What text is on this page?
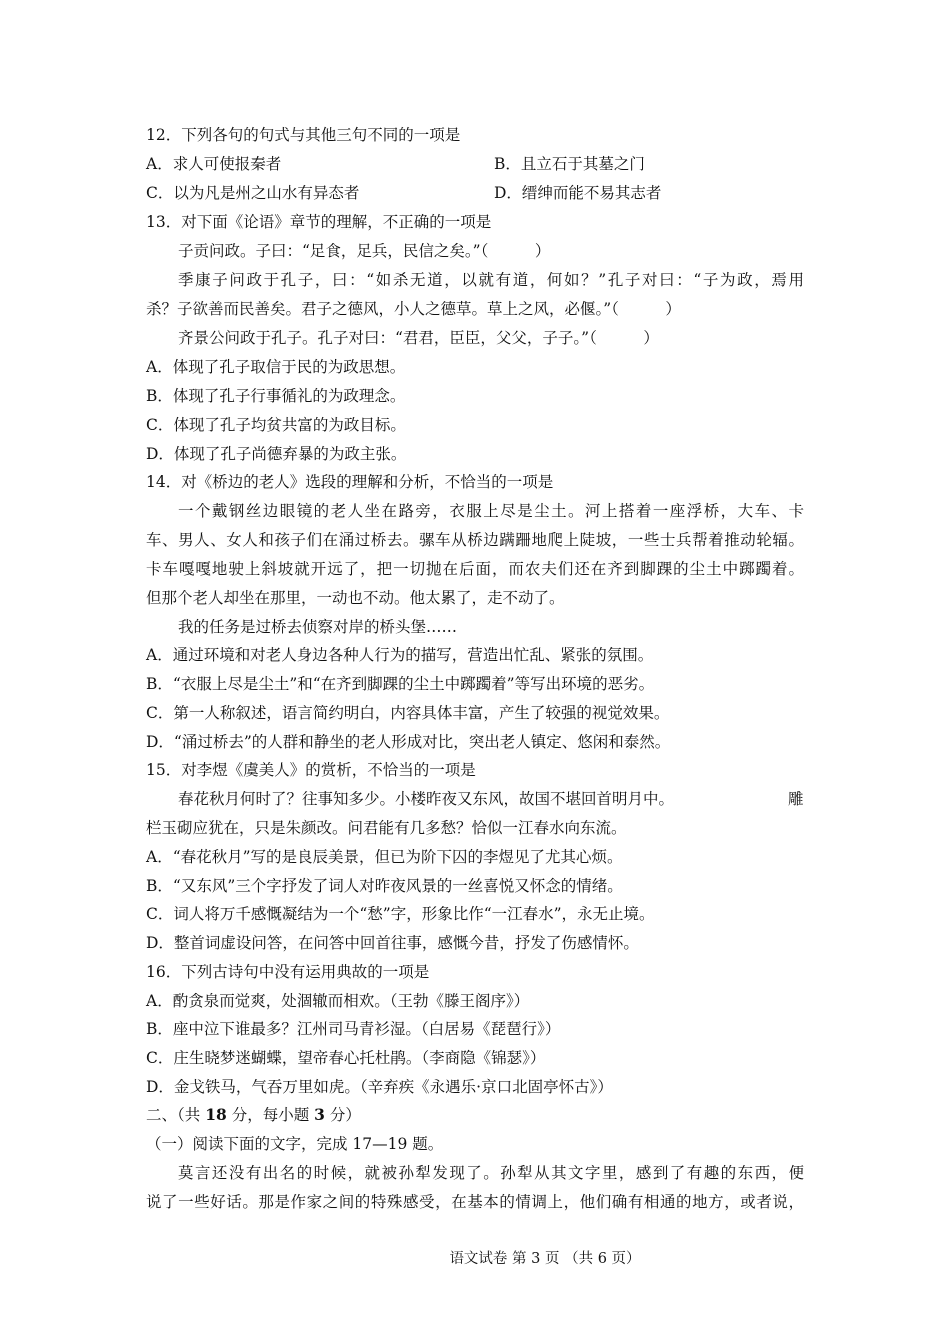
12．下列各句的句式与其他三句不同的一项是
A．求人可使报秦者	B．且立石于其墓之门
C．以为凡是州之山水有异态者	D．缙绅而能不易其志者
13．对下面《论语》章节的理解，不正确的一项是
子贡问政。子曰：“足食，足兵，民信之矣。”（　　　）
季康子问政于孔子，曰：“如杀无道，以就有道，何如？”孔子对曰：“子为政，焉用
杀？子欲善而民善矣。君子之德风，小人之德草。草上之风，必偃。”（　　　）
齐景公问政于孔子。孔子对曰：“君君，臣臣，父父，子子。”（　　　）
A．体现了孔子取信于民的为政思想。
B．体现了孔子行事循礼的为政理念。
C．体现了孔子均贫共富的为政目标。
D．体现了孔子尚德弃暴的为政主张。
14．对《桥边的老人》选段的理解和分析，不恰当的一项是
一个戴钢丝边眼镜的老人坐在路旁，衣服上尽是尘土。河上搭着一座浮桥，大车、卡
车、男人、女人和孩子们在涌过桥去。骡车从桥边蹒跚地爬上陡坡，一些士兵帮着推动轮辐。
卡车嘎嘎地驶上斜坡就开远了，把一切抛在后面，而农夫们还在齐到脚踝的尘土中踯躅着。
但那个老人却坐在那里，一动也不动。他太累了，走不动了。
我的任务是过桥去侦察对岸的桥头堡……
A．通过环境和对老人身边各种人行为的描写，营造出忙乱、紧张的氛围。
B．“衣服上尽是尘土”和“在齐到脚踝的尘土中踯躅着”等写出环境的恶劣。
C．第一人称叙述，语言简约明白，内容具体丰富，产生了较强的视觉效果。
D．“涌过桥去”的人群和静坐的老人形成对比，突出老人镇定、悠闲和泰然。
15．对李煜《虞美人》的赏析，不恰当的一项是
春花秋月何时了？往事知多少。小楼昨夜又东风，故国不堪回首明月中。	雕
栏玉砌应犹在，只是朱颜改。问君能有几多愁？恰似一江春水向东流。
A．“春花秋月”写的是良辰美景，但已为阶下囚的李煜见了尤其心烦。
B．“又东风”三个字抒发了词人对昨夜风景的一丝喜悦又怀念的情绪。
C．词人将万千感慨凝结为一个“愁”字，形象比作“一江春水”，永无止境。
D．整首词虚设问答，在问答中回首往事，感慨今昔，抒发了伤感情怀。
16．下列古诗句中没有运用典故的一项是
A．酌贪泉而觉爽，处涸辙而相欢。（王勃《滕王阁序》）
B．座中泣下谁最多？江州司马青衫湿。（白居易《琵琶行》）
C．庄生晓梦迷蝴蝶，望帝春心托杜鹃。（李商隐《锦瑟》）
D．金戈铁马，气吞万里如虎。（辛弃疾《永遇乐·京口北固亭怀古》）
二、（共 18 分，每小题 3 分）
（一）阅读下面的文字，完成 17—19 题。
莫言还没有出名的时候，就被孙犁发现了。孙犁从其文字里，感到了有趣的东西，便
说了一些好话。那是作家之间的特殊感受，在基本的情调上，他们确有相通的地方，或者说，
语文试卷 第 3 页 （共 6 页）
